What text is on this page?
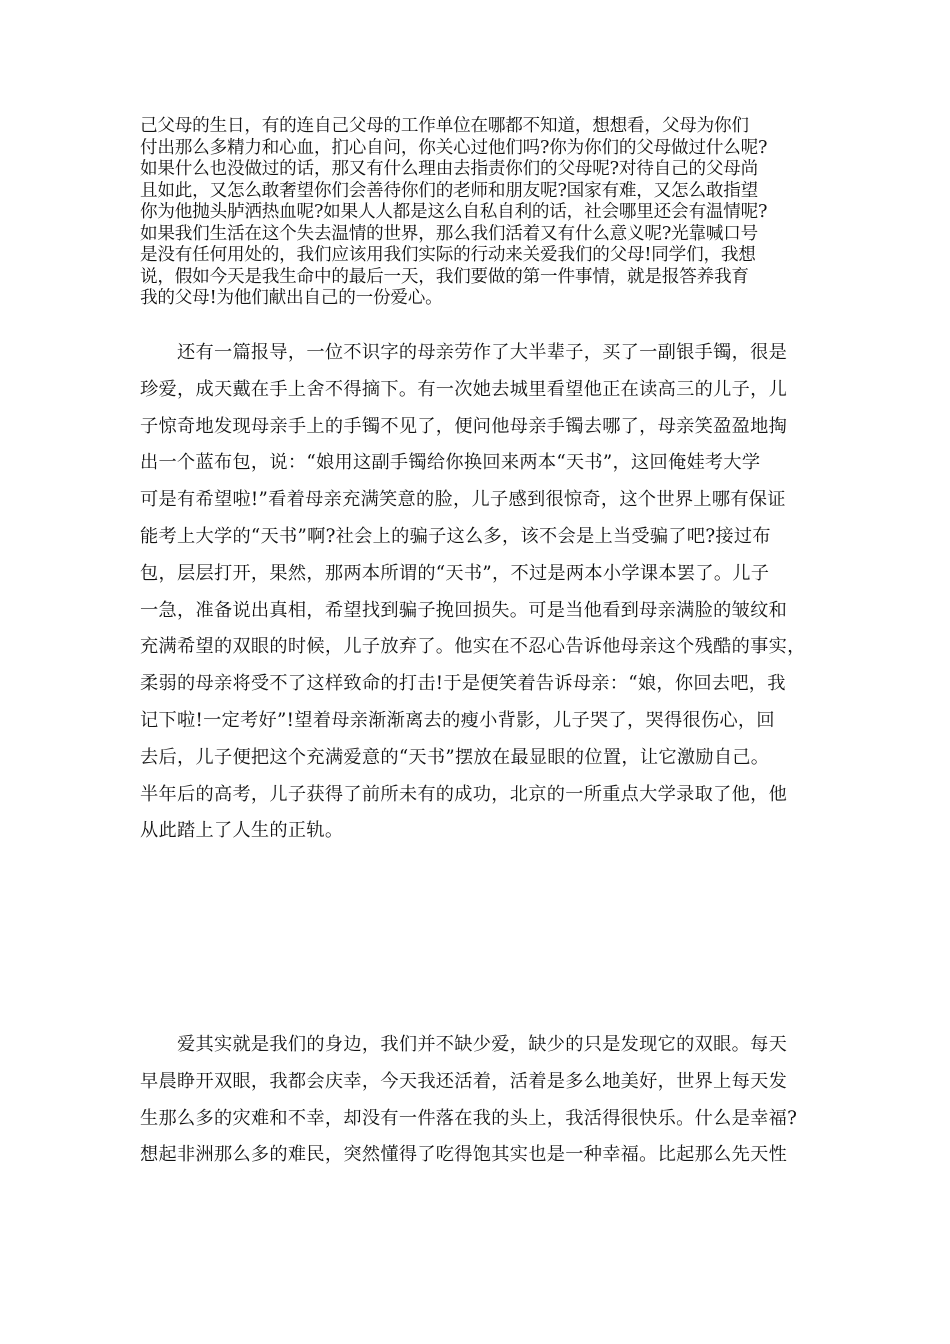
己父母的生日，有的连自己父母的工作单位在哪都不知道，想想看，父母为你们
付出那么多精力和心血，扪心自问，你关心过他们吗?你为你们的父母做过什么呢?
如果什么也没做过的话，那又有什么理由去指责你们的父母呢?对待自己的父母尚
且如此，又怎么敢奢望你们会善待你们的老师和朋友呢?国家有难，又怎么敢指望
你为他抛头胪洒热血呢?如果人人都是这么自私自利的话，社会哪里还会有温情呢?
如果我们生活在这个失去温情的世界，那么我们活着又有什么意义呢?光靠喊口号
是没有任何用处的，我们应该用我们实际的行动来关爱我们的父母!同学们，我想
说，假如今天是我生命中的最后一天，我们要做的第一件事情，就是报答养我育
我的父母!为他们献出自己的一份爱心。
　　还有一篇报导，一位不识字的母亲劳作了大半辈子，买了一副银手镯，很是
珍爱，成天戴在手上舍不得摘下。有一次她去城里看望他正在读高三的儿子，儿
子惊奇地发现母亲手上的手镯不见了，便问他母亲手镯去哪了，母亲笑盈盈地掏
出一个蓝布包，说：“娘用这副手镯给你换回来两本“天书”，这回俺娃考大学
可是有希望啦!”看着母亲充满笑意的脸，儿子感到很惊奇，这个世界上哪有保证
能考上大学的“天书”啊?社会上的骗子这么多，该不会是上当受骗了吧?接过布
包，层层打开，果然，那两本所谓的“天书”，不过是两本小学课本罢了。儿子
一急，准备说出真相，希望找到骗子挽回损失。可是当他看到母亲满脸的皱纹和
充满希望的双眼的时候，儿子放弃了。他实在不忍心告诉他母亲这个残酷的事实，
柔弱的母亲将受不了这样致命的打击!于是便笑着告诉母亲：“娘，你回去吧，我
记下啦!一定考好”!望着母亲渐渐离去的瘦小背影，儿子哭了，哭得很伤心，回
去后，儿子便把这个充满爱意的“天书”摆放在最显眼的位置，让它激励自己。
半年后的高考，儿子获得了前所未有的成功，北京的一所重点大学录取了他，他
从此踏上了人生的正轨。
　　爱其实就是我们的身边，我们并不缺少爱，缺少的只是发现它的双眼。每天
早晨睁开双眼，我都会庆幸，今天我还活着，活着是多么地美好，世界上每天发
生那么多的灾难和不幸，却没有一件落在我的头上，我活得很快乐。什么是幸福?
想起非洲那么多的难民，突然懂得了吃得饱其实也是一种幸福。比起那么先天性
